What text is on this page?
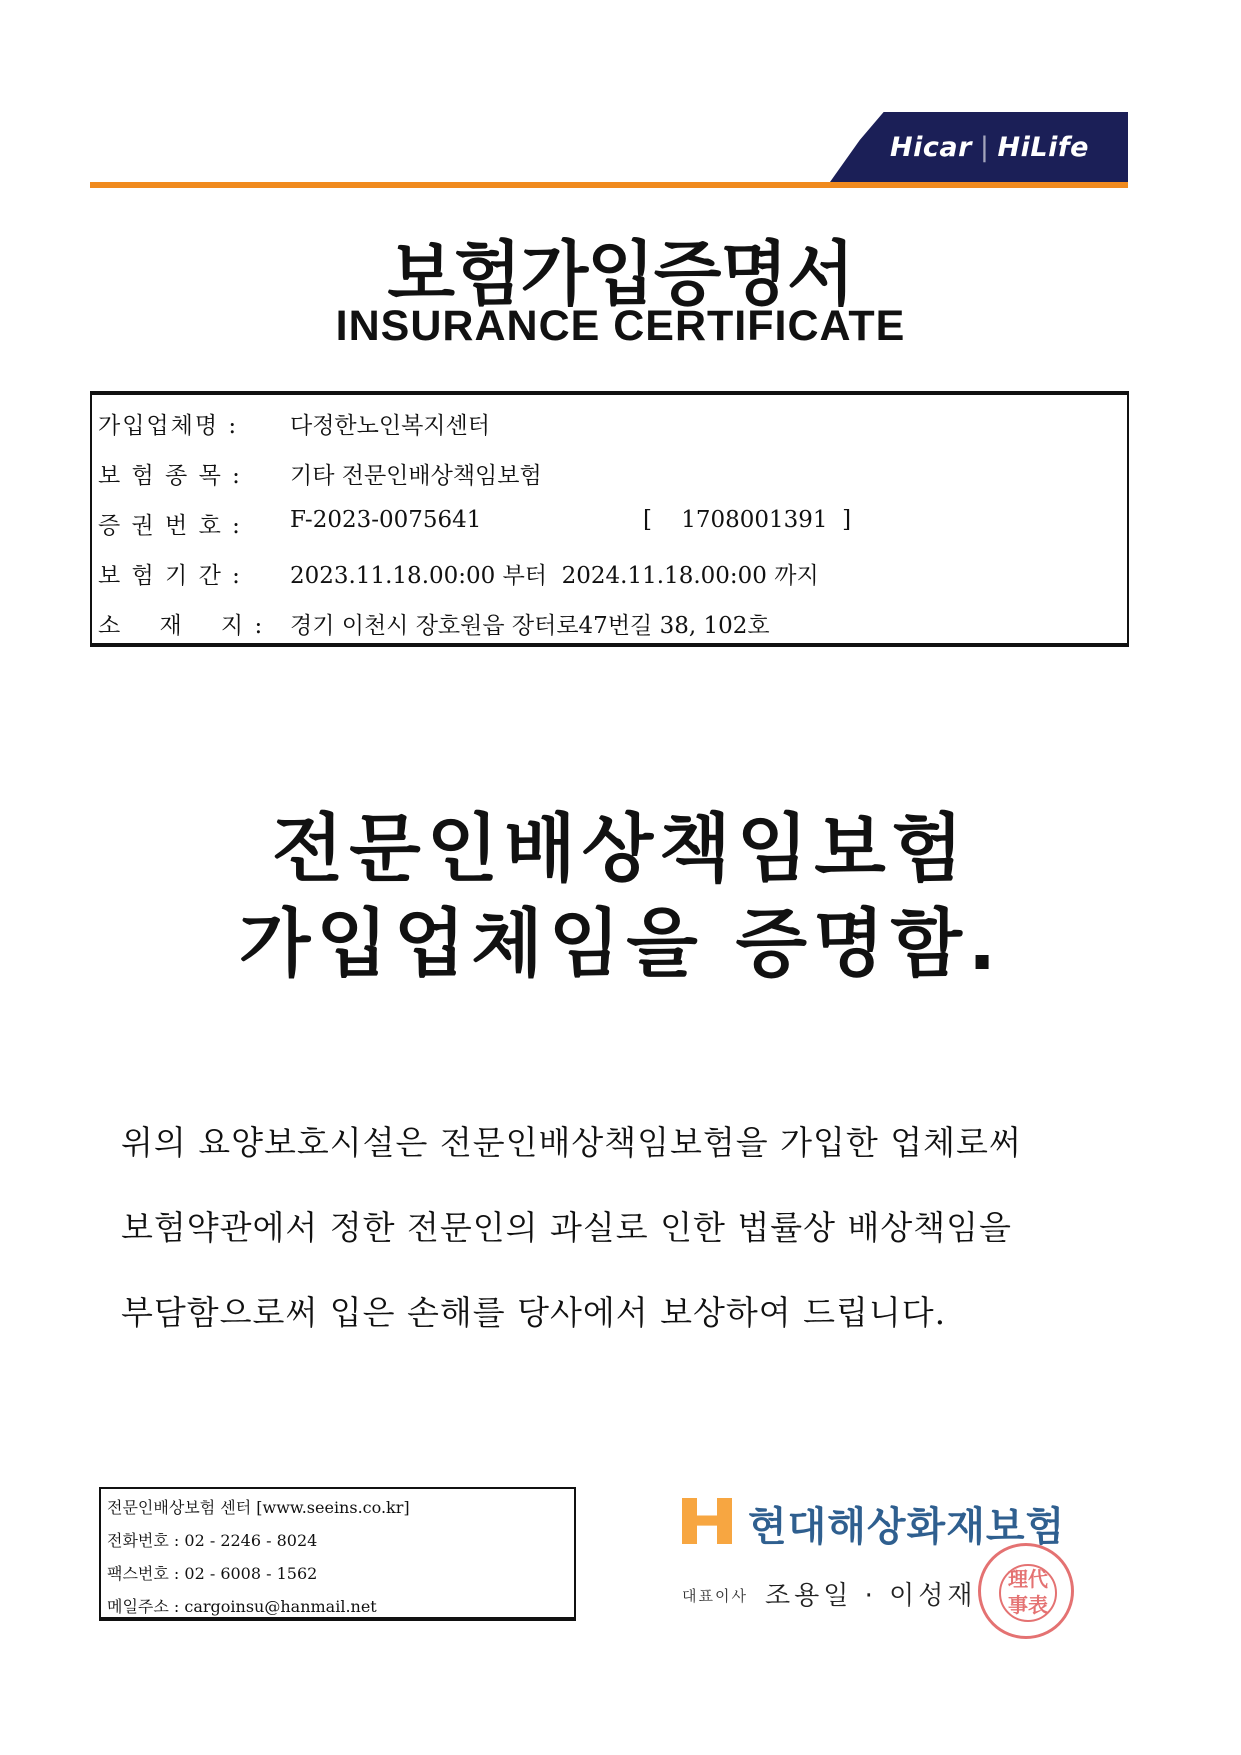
Hicar | HiLife
보험가입증명서
INSURANCE CERTIFICATE
가입업체명 :	다정한노인복지센터
보 험 종 목 :	기타 전문인배상책임보험
증 권 번 호 :	F-2023-0075641	[    1708001391  ]
보 험 기 간 :	2023.11.18.00:00 부터  2024.11.18.00:00 까지
소    재    지 : 경기 이천시 장호원읍 장터로47번길 38, 102호
전문인배상책임보험
가입업체임을 증명함.
위의 요양보호시설은 전문인배상책임보험을 가입한 업체로써
보험약관에서 정한 전문인의 과실로 인한 법률상 배상책임을
부담함으로써 입은 손해를 당사에서 보상하여 드립니다.
전문인배상보험 센터 [www.seeins.co.kr]
전화번호 : 02 - 2246 - 8024
팩스번호 : 02 - 6008 - 1562
메일주소 : cargoinsu@hanmail.net
현대해상화재보험
대표이사 조용일 · 이성재
理代
事表
